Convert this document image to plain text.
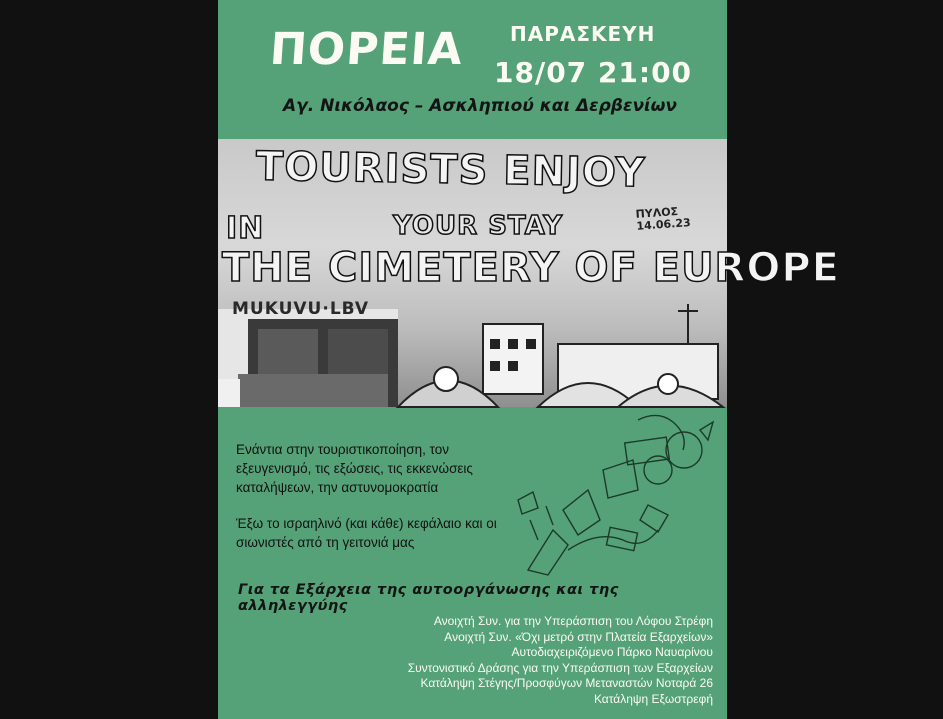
ΠΟΡΕΙΑ ΠΑΡΑΣΚΕΥΗ
18/07 21:00
Αγ. Νικόλαος – Ασκληπιού και Δερβενίων
TOURISTS ENJOY
YOUR STAY
IN
THE CIMETERY OF EUROPE
ΠΥΛΟΣ
14.06.23
MUKUVU·LBV
Ενάντια στην τουριστικοποίηση, τον εξευγενισμό, τις εξώσεις, τις εκκενώσεις καταλήψεων, την αστυνομοκρατία
Έξω το ισραηλινό (και κάθε) κεφάλαιο και οι σιωνιστές από τη γειτονιά μας
Για τα Εξάρχεια της αυτοοργάνωσης και της αλληλεγγύης
Ανοιχτή Συν. για την Υπεράσπιση του Λόφου Στρέφη
Ανοιχτή Συν. «Όχι μετρό στην Πλατεία Εξαρχείων»
Αυτοδιαχειριζόμενο Πάρκο Ναυαρίνου
Συντονιστικό Δράσης για την Υπεράσπιση των Εξαρχείων
Κατάληψη Στέγης/Προσφύγων Μεταναστών Νοταρά 26
Κατάληψη Εξωστρεφή
